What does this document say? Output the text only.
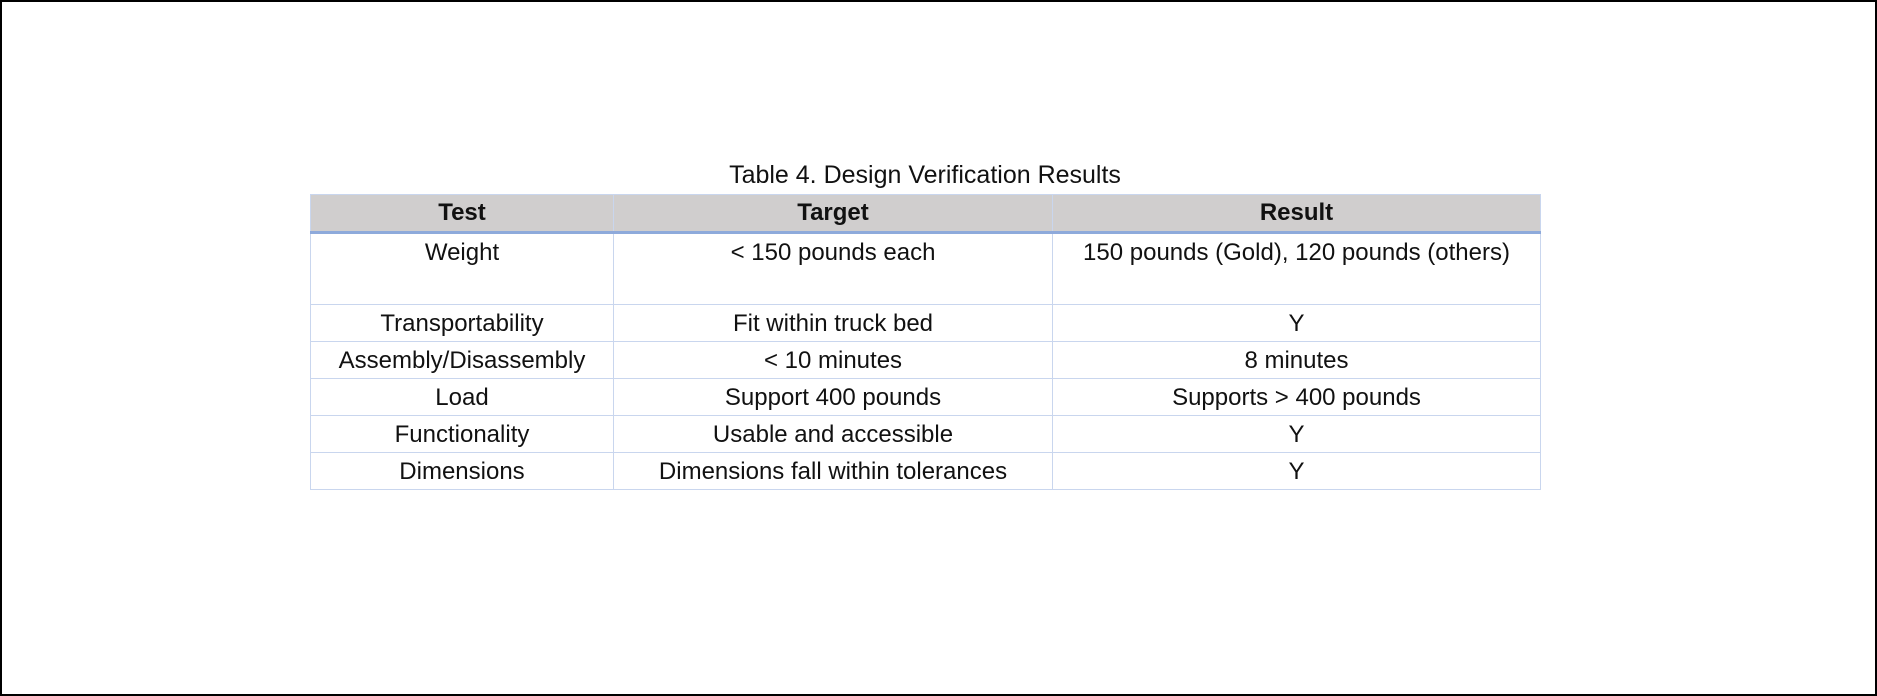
Table 4. Design Verification Results
Test	Target	Result
Weight	< 150 pounds each	150 pounds (Gold), 120 pounds (others)
Transportability	Fit within truck bed	Y
Assembly/Disassembly	< 10 minutes	8 minutes
Load	Support 400 pounds	Supports > 400 pounds
Functionality	Usable and accessible	Y
Dimensions	Dimensions fall within tolerances	Y
